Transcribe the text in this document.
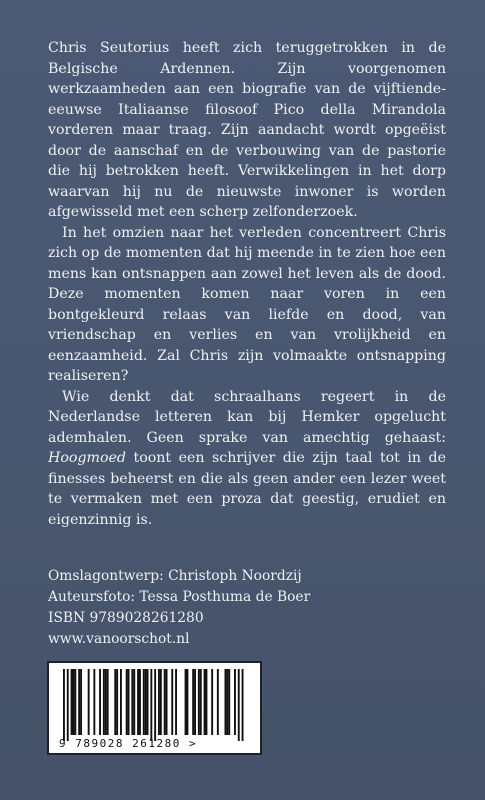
Chris Seutorius heeft zich teruggetrokken in de Belgische Ardennen. Zijn voorgenomen werkzaamheden aan een biografie van de vijftiende-eeuwse Italiaanse filosoof Pico della Mirandola vorderen maar traag. Zijn aandacht wordt opgeëist door de aanschaf en de verbouwing van de pastorie die hij betrokken heeft. Verwikkelingen in het dorp waarvan hij nu de nieuwste inwoner is worden afgewisseld met een scherp zelfonderzoek.

In het omzien naar het verleden concentreert Chris zich op de momenten dat hij meende in te zien hoe een mens kan ontsnappen aan zowel het leven als de dood. Deze momenten komen naar voren in een bontgekleurd relaas van liefde en dood, van vriendschap en verlies en van vrolijkheid en eenzaamheid. Zal Chris zijn volmaakte ontsnapping realiseren?

Wie denkt dat schraalhans regeert in de Nederlandse letteren kan bij Hemker opgelucht ademhalen. Geen sprake van amechtig gehaast: Hoogmoed toont een schrijver die zijn taal tot in de finesses beheerst en die als geen ander een lezer weet te vermaken met een proza dat geestig, erudiet en eigenzinnig is.

Omslagontwerp: Christoph Noordzij
Auteursfoto: Tessa Posthuma de Boer
ISBN 9789028261280
www.vanoorschot.nl
9 789028 261280 >
